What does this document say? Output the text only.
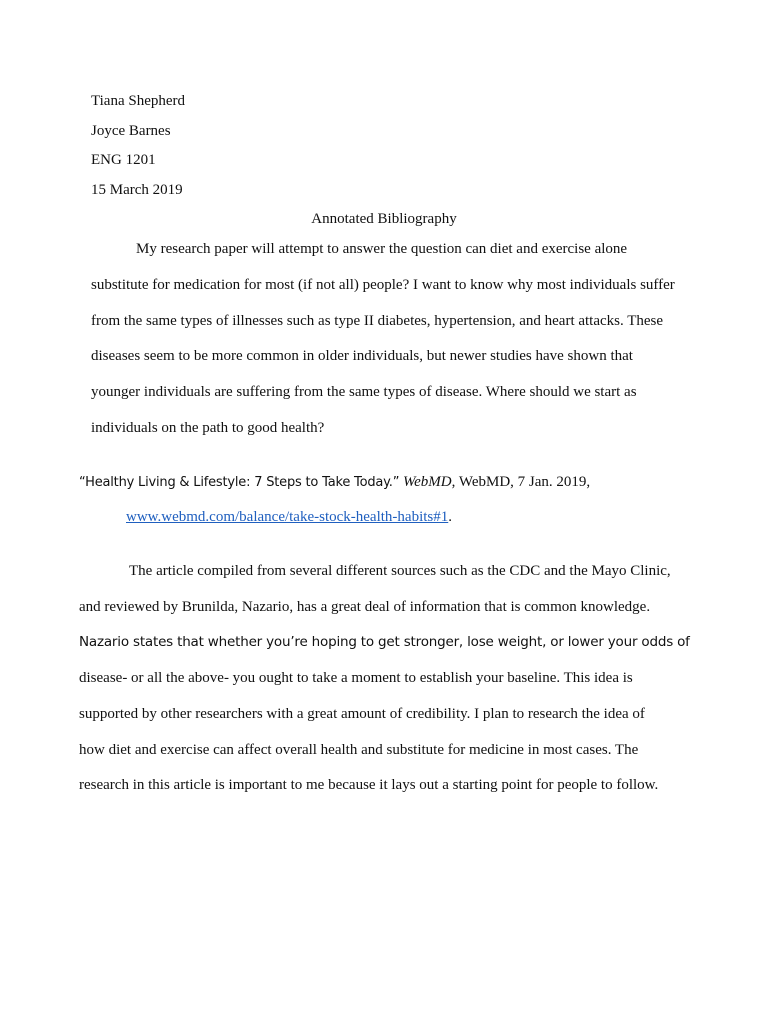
Tiana Shepherd
Joyce Barnes
ENG 1201
15 March 2019
Annotated Bibliography
My research paper will attempt to answer the question can diet and exercise alone
substitute for medication for most (if not all) people? I want to know why most individuals suffer
from the same types of illnesses such as type II diabetes, hypertension, and heart attacks. These
diseases seem to be more common in older individuals, but newer studies have shown that
younger individuals are suffering from the same types of disease. Where should we start as
individuals on the path to good health?
“Healthy Living & Lifestyle: 7 Steps to Take Today.” WebMD, WebMD, 7 Jan. 2019,
www.webmd.com/balance/take-stock-health-habits#1.
The article compiled from several different sources such as the CDC and the Mayo Clinic,
and reviewed by Brunilda, Nazario, has a great deal of information that is common knowledge.
Nazario states that whether you’re hoping to get stronger, lose weight, or lower your odds of
disease- or all the above- you ought to take a moment to establish your baseline. This idea is
supported by other researchers with a great amount of credibility. I plan to research the idea of
how diet and exercise can affect overall health and substitute for medicine in most cases. The
research in this article is important to me because it lays out a starting point for people to follow.
